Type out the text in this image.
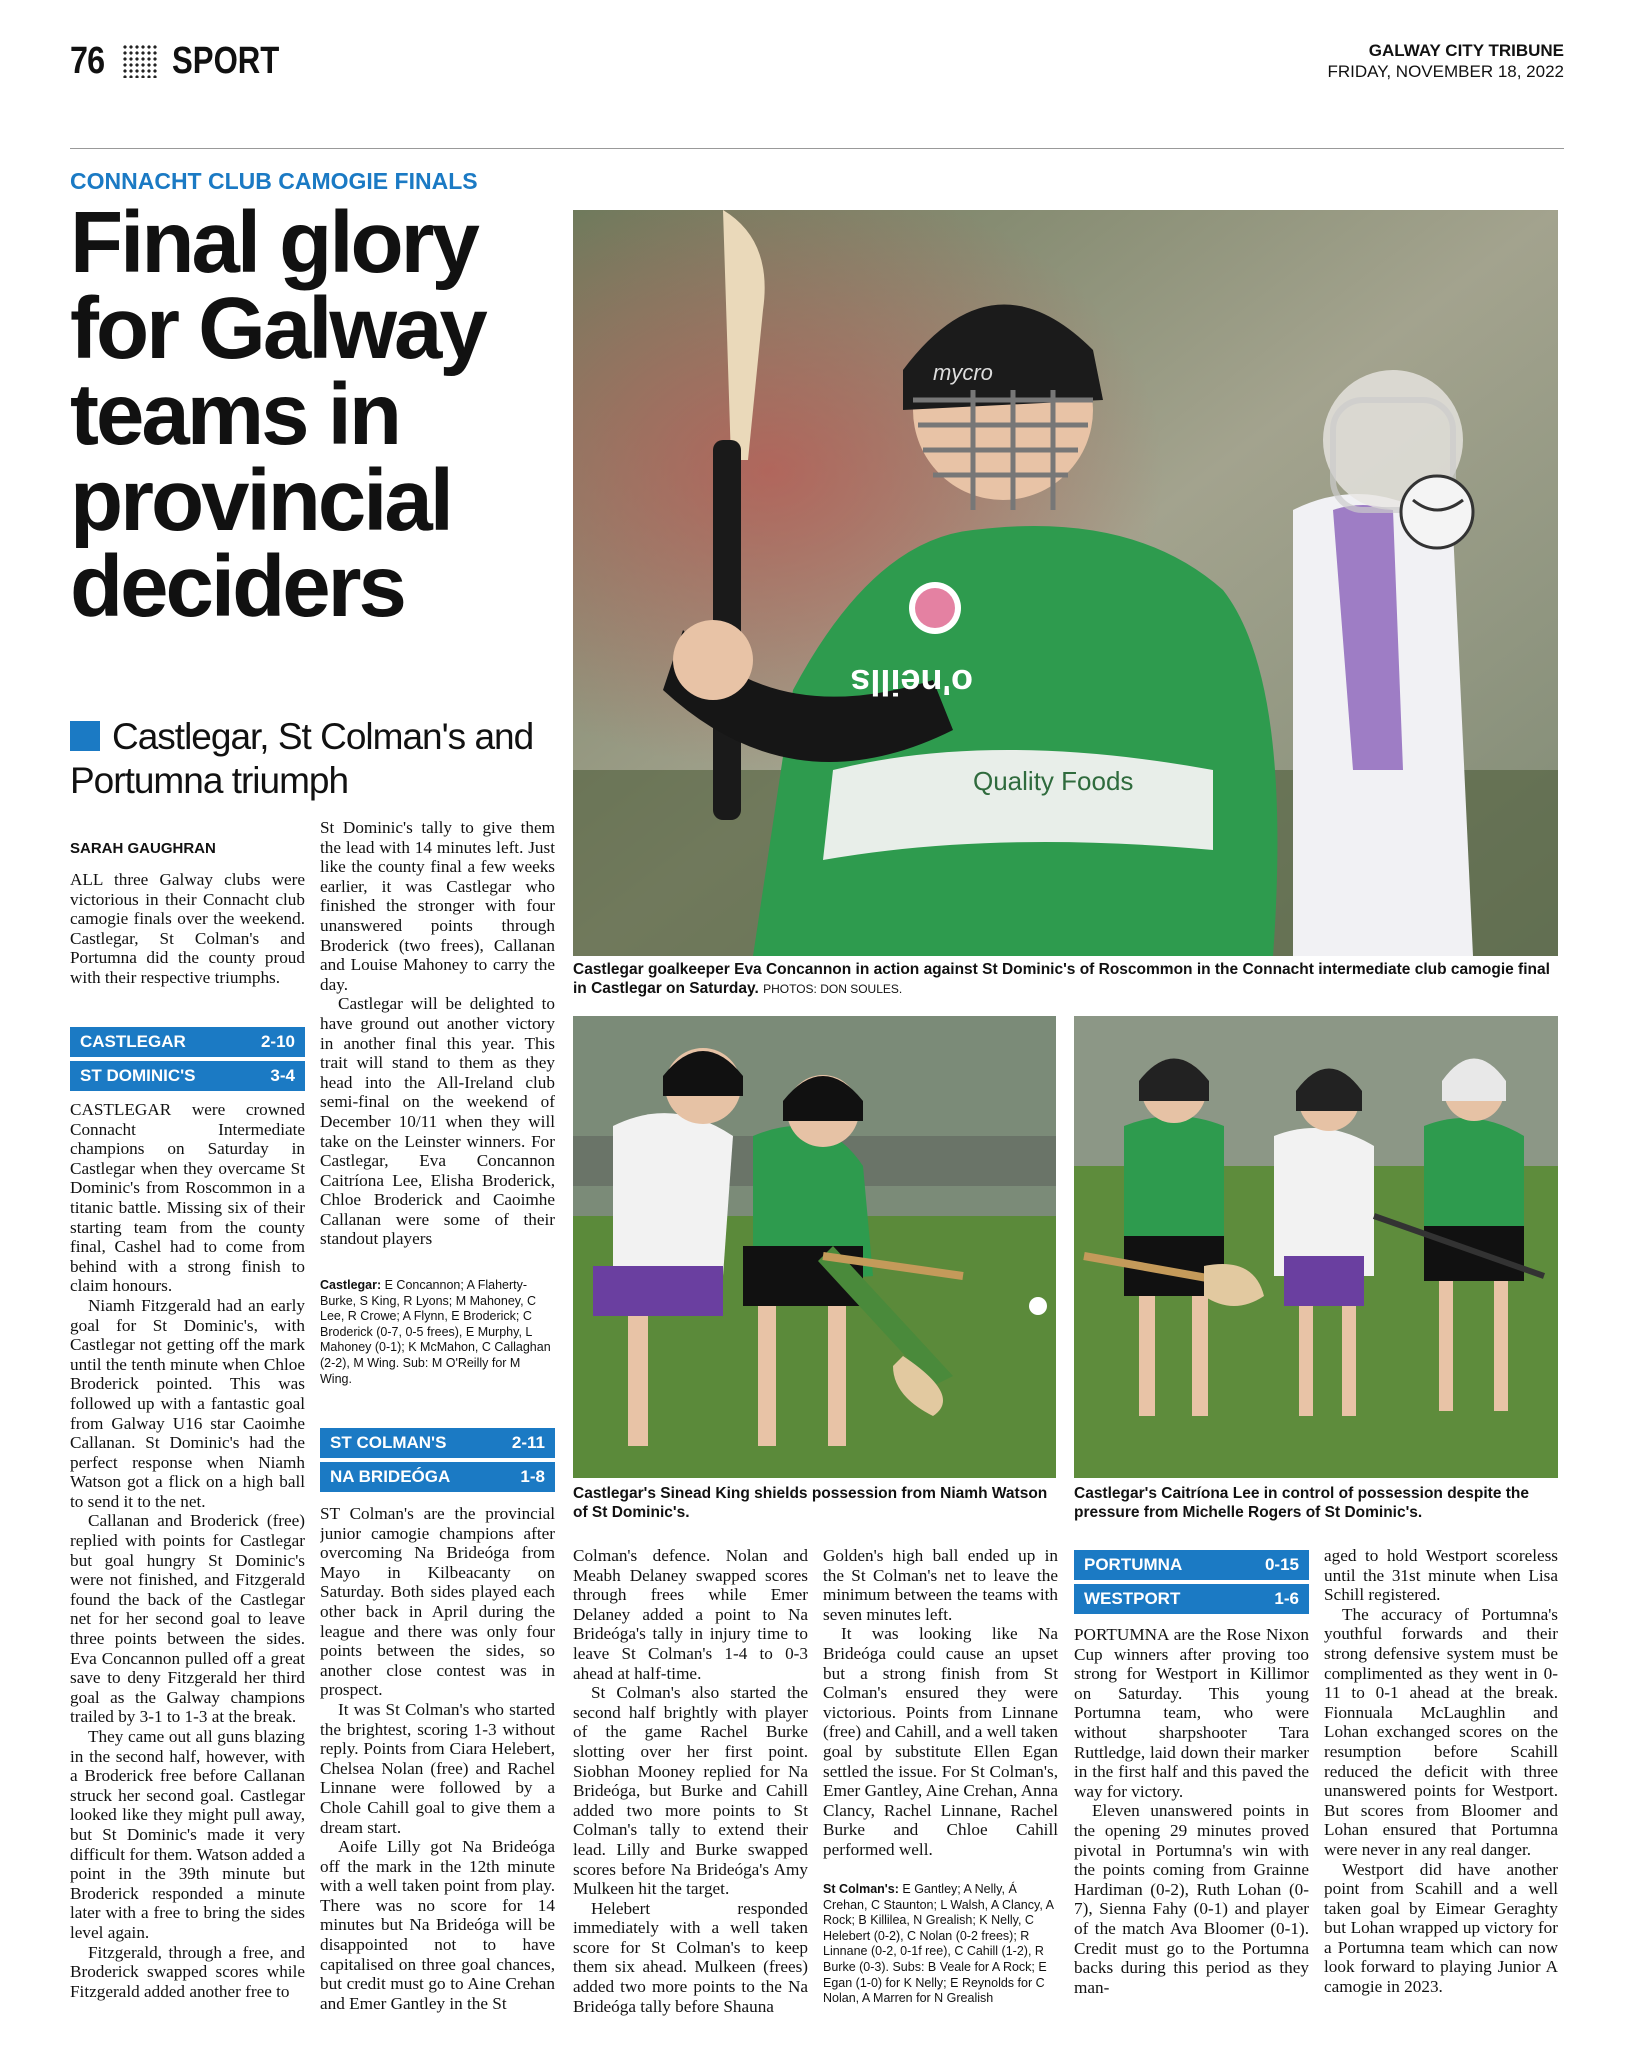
76 SPORT	GALWAY CITY TRIBUNE
FRIDAY, NOVEMBER 18, 2022
CONNACHT CLUB CAMOGIE FINALS
Final glory for Galway teams in provincial deciders
Castlegar, St Colman's and Portumna triumph
SARAH GAUGHRAN
ALL three Galway clubs were victorious in their Connacht club camogie finals over the weekend. Castlegar, St Colman's and Portumna did the county proud with their respective triumphs.
CASTLEGAR	2-10
ST DOMINIC'S	3-4

CASTLEGAR were crowned Connacht Intermediate champions on Saturday in Castlegar when they overcame St Dominic's from Roscommon in a titanic battle. Missing six of their starting team from the county final, Cashel had to come from behind with a strong finish to claim honours.

Niamh Fitzgerald had an early goal for St Dominic's, with Castlegar not getting off the mark until the tenth minute when Chloe Broderick pointed. This was followed up with a fantastic goal from Galway U16 star Caoimhe Callanan. St Dominic's had the perfect response when Niamh Watson got a flick on a high ball to send it to the net.

Callanan and Broderick (free) replied with points for Castlegar but goal hungry St Dominic's were not finished, and Fitzgerald found the back of the Castlegar net for her second goal to leave three points between the sides. Eva Concannon pulled off a great save to deny Fitzgerald her third goal as the Galway champions trailed by 3-1 to 1-3 at the break.

They came out all guns blazing in the second half, however, with a Broderick free before Callanan struck her second goal. Castlegar looked like they might pull away, but St Dominic's made it very difficult for them. Watson added a point in the 39th minute but Broderick responded a minute later with a free to bring the sides level again.

Fitzgerald, through a free, and Broderick swapped scores while Fitzgerald added another free to

St Dominic's tally to give them the lead with 14 minutes left. Just like the county final a few weeks earlier, it was Castlegar who finished the stronger with four unanswered points through Broderick (two frees), Callanan and Louise Mahoney to carry the day.

Castlegar will be delighted to have ground out another victory in another final this year. This trait will stand to them as they head into the All-Ireland club semi-final on the weekend of December 10/11 when they will take on the Leinster winners. For Castlegar, Eva Concannon Caitríona Lee, Elisha Broderick, Chloe Broderick and Caoimhe Callanan were some of their standout players

Castlegar: E Concannon; A Flaherty-Burke, S King, R Lyons; M Mahoney, C Lee, R Crowe; A Flynn, E Broderick; C Broderick (0-7, 0-5 frees), E Murphy, L Mahoney (0-1); K McMahon, C Callaghan (2-2), M Wing. Sub: M O'Reilly for M Wing.
ST COLMAN'S	2-11
NA BRIDEÓGA	1-8

ST Colman's are the provincial junior camogie champions after overcoming Na Brideóga from Mayo in Kilbeacanty on Saturday. Both sides played each other back in April during the league and there was only four points between the sides, so another close contest was in prospect.

It was St Colman's who started the brightest, scoring 1-3 without reply. Points from Ciara Helebert, Chelsea Nolan (free) and Rachel Linnane were followed by a Chole Cahill goal to give them a dream start.

Aoife Lilly got Na Brideóga off the mark in the 12th minute with a well taken point from play. There was no score for 14 minutes but Na Brideóga will be disappointed not to have capitalised on three goal chances, but credit must go to Aine Crehan and Emer Gantley in the St

mycro
o'neills
Quality Foods
Castlegar goalkeeper Eva Concannon in action against St Dominic's of Roscommon in the Connacht intermediate club camogie final in Castlegar on Saturday. PHOTOS: DON SOULES.
Castlegar's Sinead King shields possession from Niamh Watson of St Dominic's.
Castlegar's Caitríona Lee in control of possession despite the pressure from Michelle Rogers of St Dominic's.

Colman's defence. Nolan and Meabh Delaney swapped scores through frees while Emer Delaney added a point to Na Brideóga's tally in injury time to leave St Colman's 1-4 to 0-3 ahead at half-time.

St Colman's also started the second half brightly with player of the game Rachel Burke slotting over her first point. Siobhan Mooney replied for Na Brideóga, but Burke and Cahill added two more points to St Colman's tally to extend their lead. Lilly and Burke swapped scores before Na Brideóga's Amy Mulkeen hit the target.

Helebert responded immediately with a well taken score for St Colman's to keep them six ahead. Mulkeen (frees) added two more points to the Na Brideóga tally before Shauna

Golden's high ball ended up in the St Colman's net to leave the minimum between the teams with seven minutes left.

It was looking like Na Brideóga could cause an upset but a strong finish from St Colman's ensured they were victorious. Points from Linnane (free) and Cahill, and a well taken goal by substitute Ellen Egan settled the issue. For St Colman's, Emer Gantley, Aine Crehan, Anna Clancy, Rachel Linnane, Rachel Burke and Chloe Cahill performed well.

St Colman's: E Gantley; A Nelly, Á Crehan, C Staunton; L Walsh, A Clancy, A Rock; B Killilea, N Grealish; K Nelly, C Helebert (0-2), C Nolan (0-2 frees); R Linnane (0-2, 0-1f ree), C Cahill (1-2), R Burke (0-3). Subs: B Veale for A Rock; E Egan (1-0) for K Nelly; E Reynolds for C Nolan, A Marren for N Grealish
PORTUMNA	0-15
WESTPORT	1-6

PORTUMNA are the Rose Nixon Cup winners after proving too strong for Westport in Killimor on Saturday. This young Portumna team, who were without sharpshooter Tara Ruttledge, laid down their marker in the first half and this paved the way for victory.

Eleven unanswered points in the opening 29 minutes proved pivotal in Portumna's win with the points coming from Grainne Hardiman (0-2), Ruth Lohan (0-7), Sienna Fahy (0-1) and player of the match Ava Bloomer (0-1). Credit must go to the Portumna backs during this period as they man-

aged to hold Westport scoreless until the 31st minute when Lisa Schill registered.

The accuracy of Portumna's youthful forwards and their strong defensive system must be complimented as they went in 0-11 to 0-1 ahead at the break. Fionnuala McLaughlin and Lohan exchanged scores on the resumption before Scahill reduced the deficit with three unanswered points for Westport. But scores from Bloomer and Lohan ensured that Portumna were never in any real danger.

Westport did have another point from Scahill and a well taken goal by Eimear Geraghty but Lohan wrapped up victory for a Portumna team which can now look forward to playing Junior A camogie in 2023.
